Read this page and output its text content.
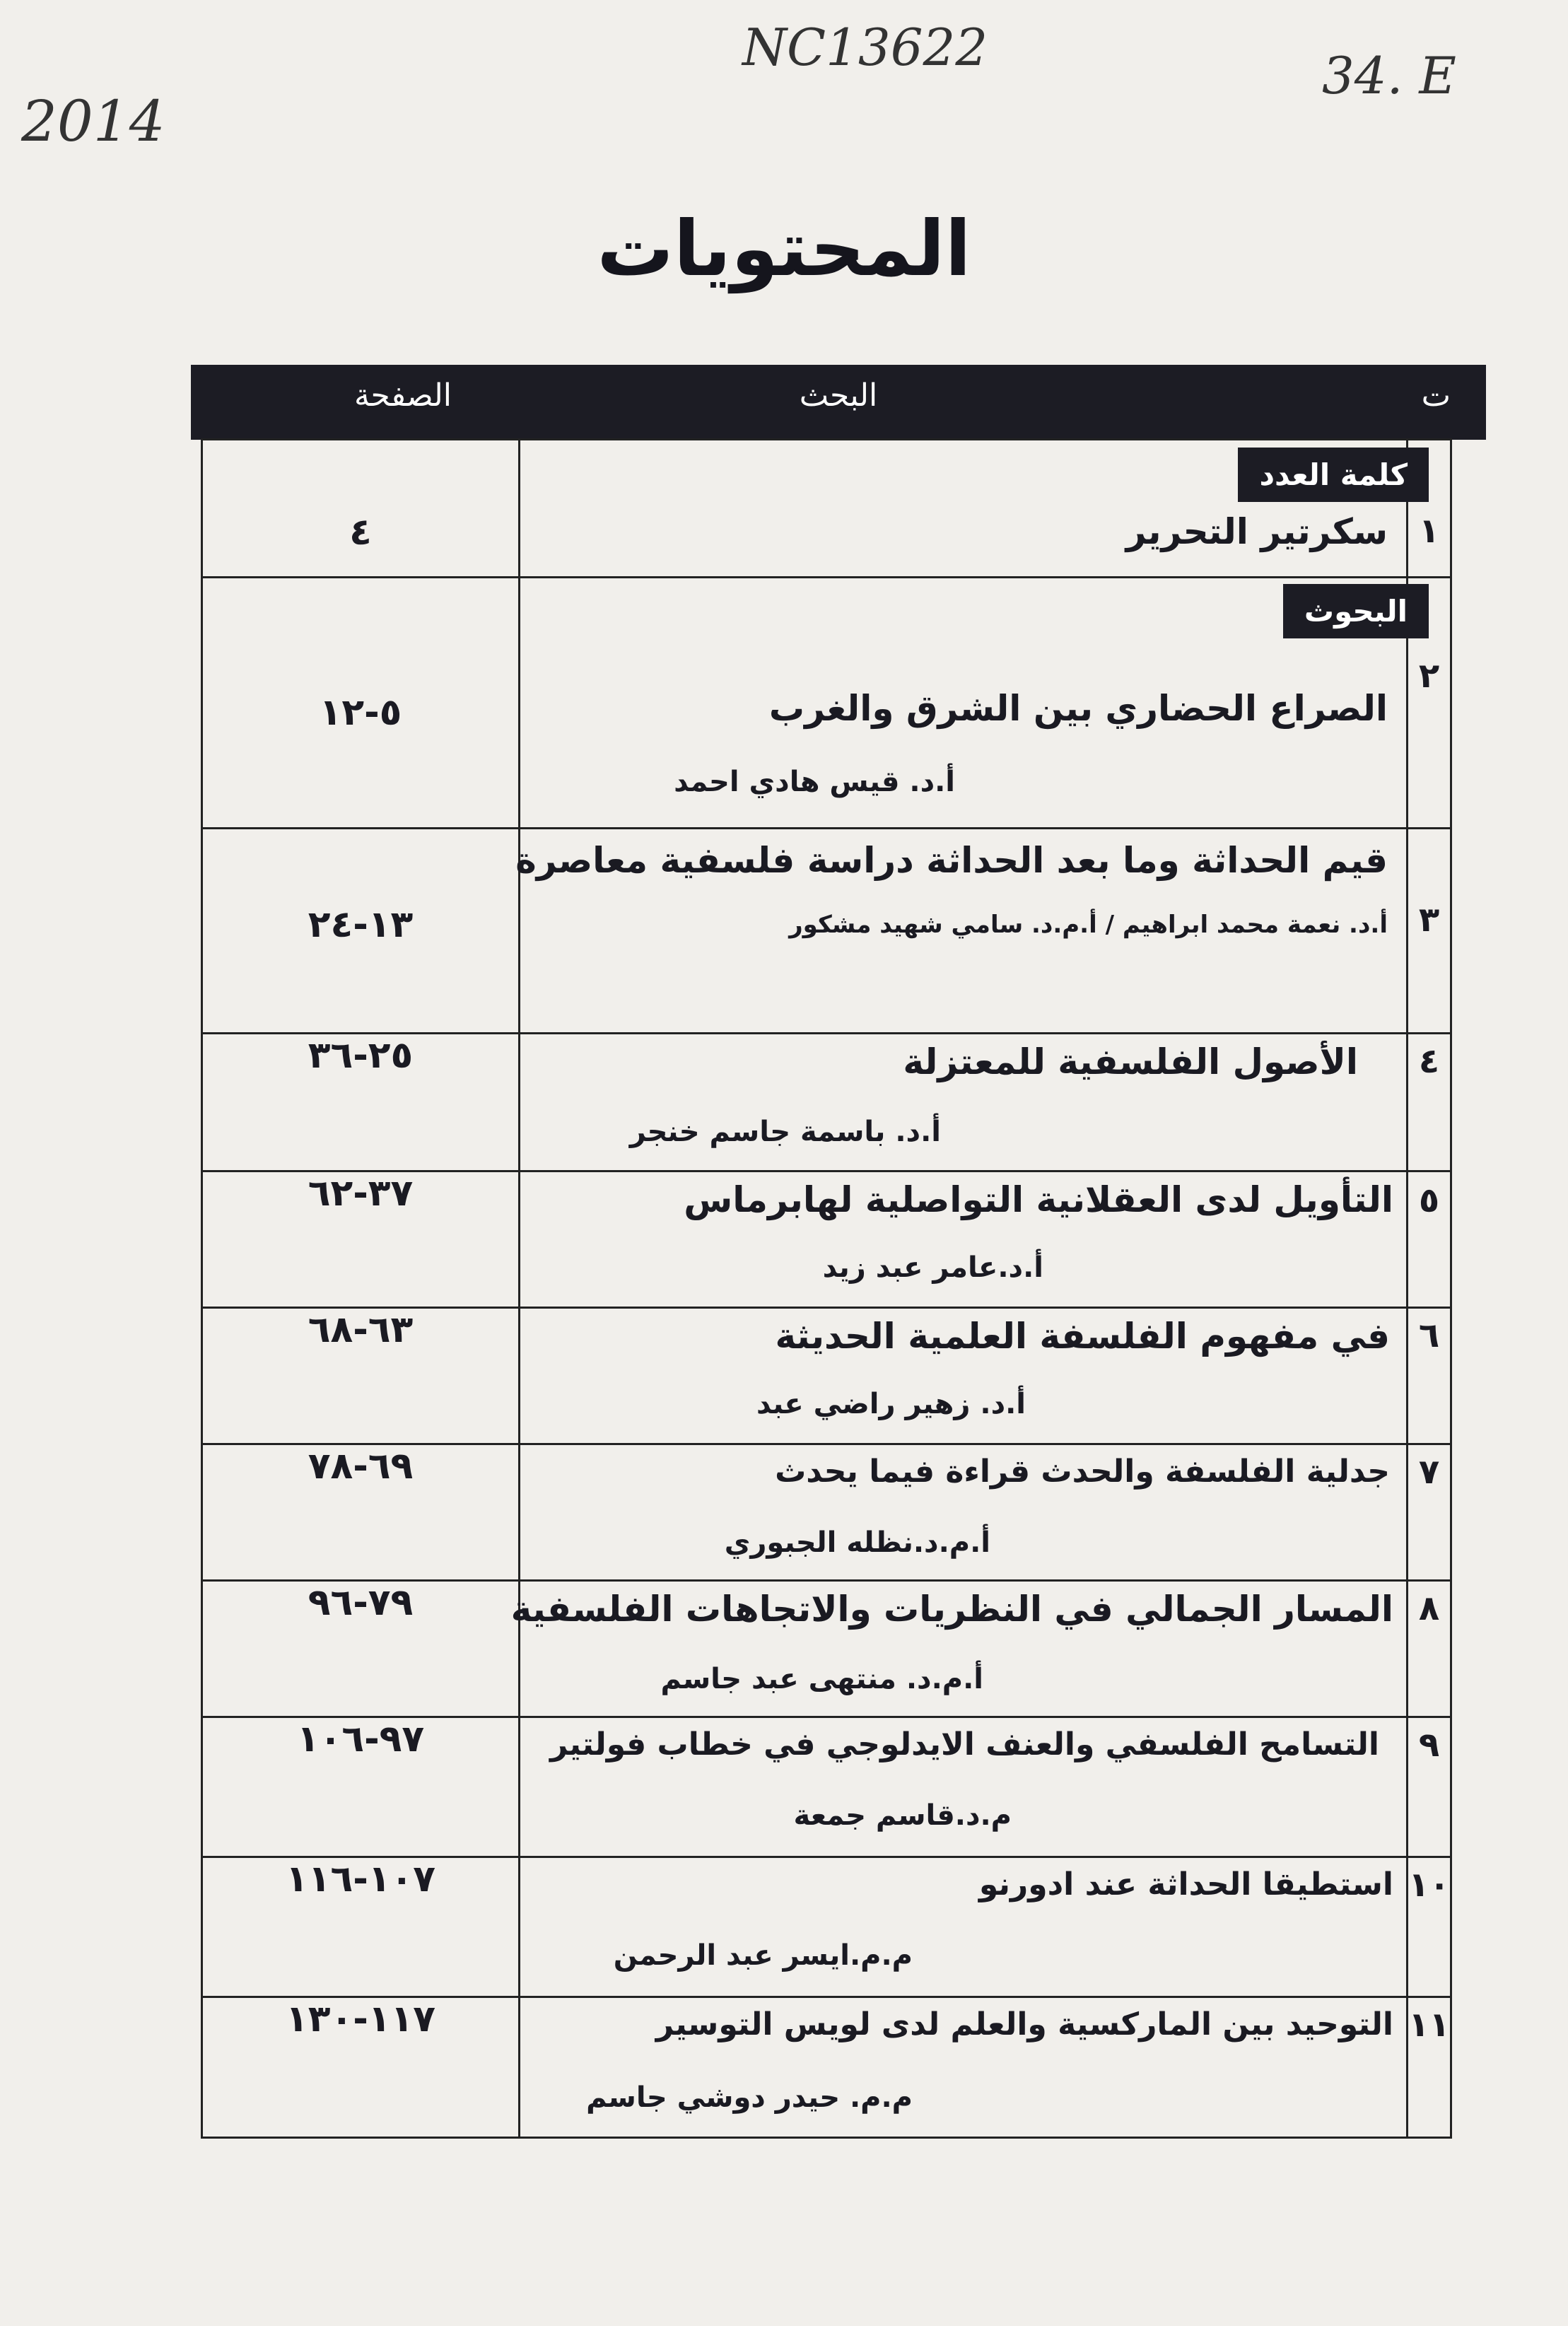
NC13622
2014
34. E
المحتويات
ت
البحث
الصفحة
كلمة العدد
١
سكرتير التحرير
٤
البحوث
٢
الصراع الحضاري بين الشرق والغرب
٥-١٢
أ.د. قيس هادي احمد
قيم الحداثة وما بعد الحداثة دراسة فلسفية معاصرة
٣
أ.د. نعمة محمد ابراهيم / أ.م.د. سامي شهيد مشكور
١٣-٢٤
٤
الأصول الفلسفية للمعتزلة
٢٥-٣٦
أ.د. باسمة جاسم خنجر
٥
التأويل لدى العقلانية التواصلية لهابرماس
٣٧-٦٢
أ.د.عامر عبد زيد
٦
في مفهوم الفلسفة العلمية الحديثة
٦٣-٦٨
أ.د. زهير راضي عبد
٧
جدلية الفلسفة والحدث قراءة فيما يحدث
٦٩-٧٨
أ.م.د.نظله الجبوري
٨
المسار الجمالي في النظريات والاتجاهات الفلسفية
٧٩-٩٦
أ.م.د. منتهى عبد جاسم
٩
التسامح الفلسفي والعنف الايدلوجي في خطاب فولتير
٩٧-١٠٦
م.د.قاسم جمعة
١٠
استطيقا الحداثة عند ادورنو
١٠٧-١١٦
م.م.ايسر عبد الرحمن
١١
التوحيد بين الماركسية والعلم لدى لويس التوسير
١١٧-١٣٠
م.م. حيدر دوشي جاسم
